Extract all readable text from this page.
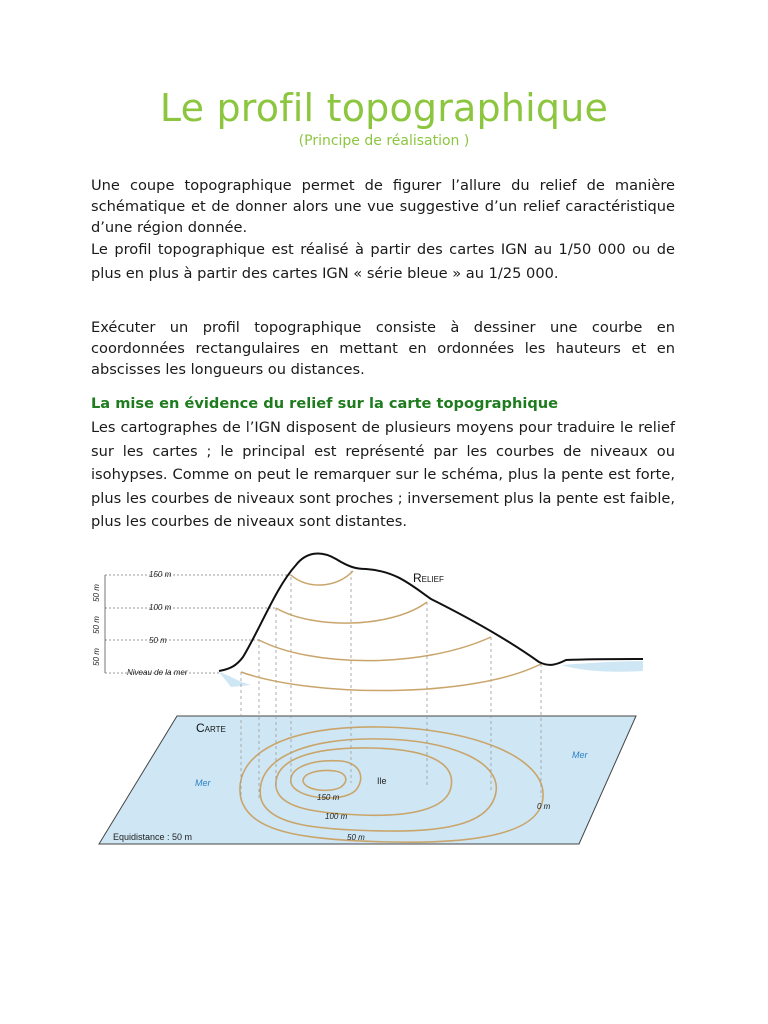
Le profil topographique
(Principe de réalisation )
Une coupe topographique permet de figurer l’allure du relief de manière schématique et de donner alors une vue suggestive d’un relief caractéristique d’une région donnée.
Le profil topographique est réalisé à partir des cartes IGN au 1/50 000 ou de plus en plus à partir des cartes IGN « série bleue » au 1/25 000.
Exécuter un profil topographique consiste à dessiner une courbe en coordonnées rectangulaires en mettant en ordonnées les hauteurs et en abscisses les longueurs ou distances.
La mise en évidence du relief sur la carte topographique
Les cartographes de l’IGN disposent de plusieurs moyens pour traduire le relief sur les cartes ; le principal est représenté par les courbes de niveaux ou isohypses. Comme on peut le remarquer sur le schéma, plus la pente est forte, plus les courbes de niveaux sont proches ; inversement plus la pente est faible, plus les courbes de niveaux sont distantes.
150 m
100 m
50 m
Niveau de la mer
50 m
50 m
50 m
Relief
Carte
Mer
Mer
Ile
150 m
100 m
50 m
0 m
Equidistance : 50 m
